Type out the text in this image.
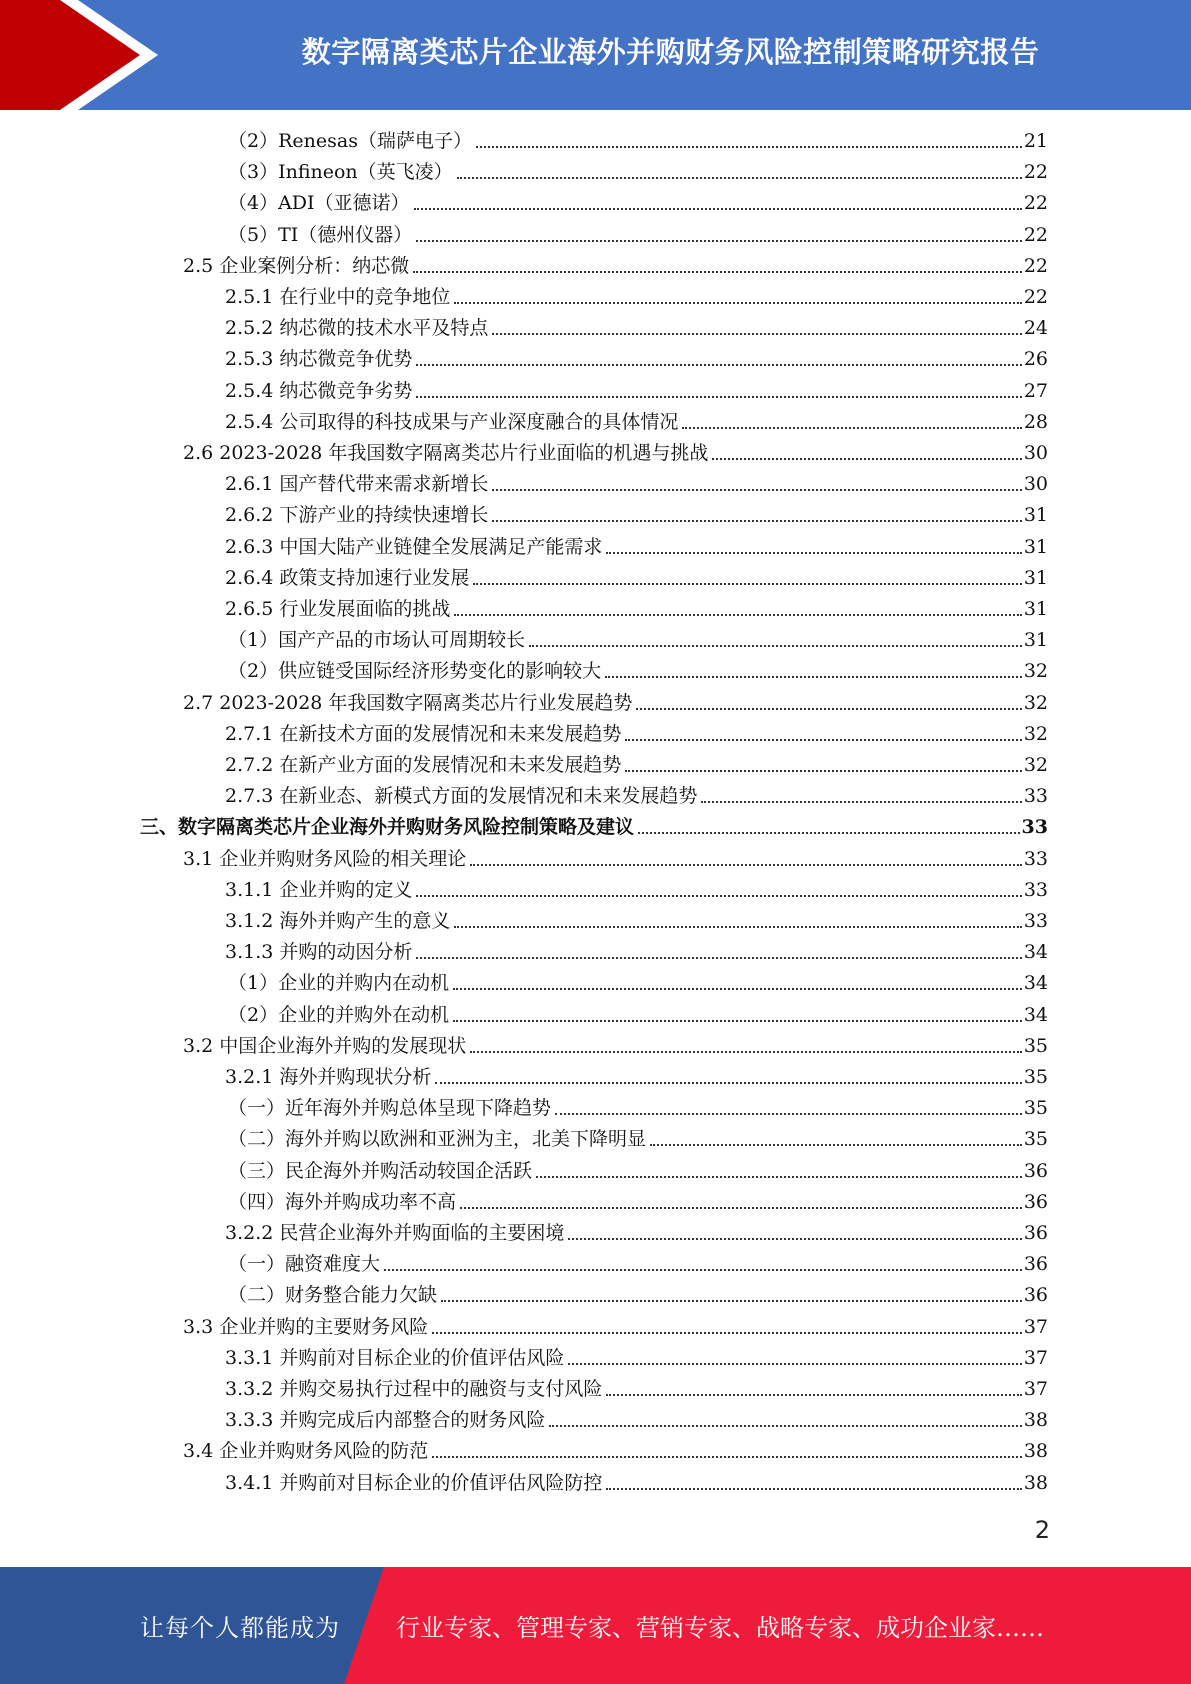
数字隔离类芯片企业海外并购财务风险控制策略研究报告
（2）Renesas（瑞萨电子）	21
（3）Infineon（英飞凌）	22
（4）ADI（亚德诺）	22
（5）TI（德州仪器）	22
2.5 企业案例分析：纳芯微	22
2.5.1 在行业中的竞争地位	22
2.5.2 纳芯微的技术水平及特点	24
2.5.3 纳芯微竞争优势	26
2.5.4 纳芯微竞争劣势	27
2.5.4 公司取得的科技成果与产业深度融合的具体情况	28
2.6 2023-2028 年我国数字隔离类芯片行业面临的机遇与挑战	30
2.6.1 国产替代带来需求新增长	30
2.6.2 下游产业的持续快速增长	31
2.6.3 中国大陆产业链健全发展满足产能需求	31
2.6.4 政策支持加速行业发展	31
2.6.5 行业发展面临的挑战	31
（1）国产产品的市场认可周期较长	31
（2）供应链受国际经济形势变化的影响较大	32
2.7 2023-2028 年我国数字隔离类芯片行业发展趋势	32
2.7.1 在新技术方面的发展情况和未来发展趋势	32
2.7.2 在新产业方面的发展情况和未来发展趋势	32
2.7.3 在新业态、新模式方面的发展情况和未来发展趋势	33
三、数字隔离类芯片企业海外并购财务风险控制策略及建议	33
3.1 企业并购财务风险的相关理论	33
3.1.1 企业并购的定义	33
3.1.2 海外并购产生的意义	33
3.1.3 并购的动因分析	34
（1）企业的并购内在动机	34
（2）企业的并购外在动机	34
3.2 中国企业海外并购的发展现状	35
3.2.1 海外并购现状分析	35
（一）近年海外并购总体呈现下降趋势	35
（二）海外并购以欧洲和亚洲为主，北美下降明显	35
（三）民企海外并购活动较国企活跃	36
（四）海外并购成功率不高	36
3.2.2 民营企业海外并购面临的主要困境	36
（一）融资难度大	36
（二）财务整合能力欠缺	36
3.3 企业并购的主要财务风险	37
3.3.1 并购前对目标企业的价值评估风险	37
3.3.2 并购交易执行过程中的融资与支付风险	37
3.3.3 并购完成后内部整合的财务风险	38
3.4 企业并购财务风险的防范	38
3.4.1 并购前对目标企业的价值评估风险防控	38
2
让每个人都能成为 行业专家、管理专家、营销专家、战略专家、成功企业家……
